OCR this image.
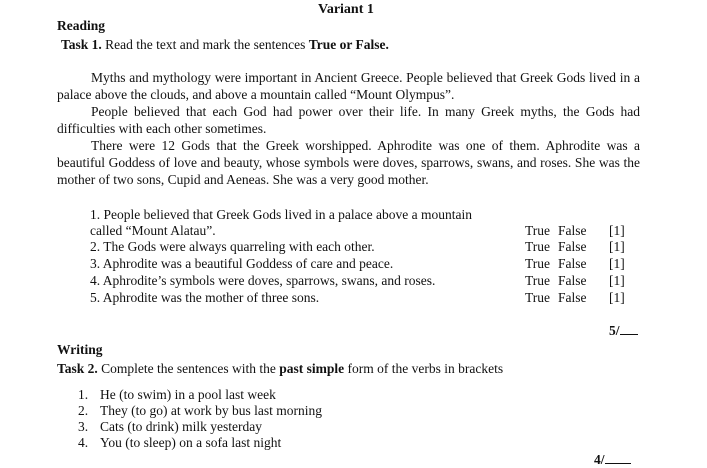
Variant 1
Reading
Task 1. Read the text and mark the sentences True or False.
Myths and mythology were important in Ancient Greece. People believed that Greek Gods lived in a palace above the clouds, and above a mountain called “Mount Olympus”.
People believed that each God had power over their life. In many Greek myths, the Gods had difficulties with each other sometimes.
There were 12 Gods that the Greek worshipped. Aphrodite was one of them. Aphrodite was a beautiful Goddess of love and beauty, whose symbols were doves, sparrows, swans, and roses. She was the mother of two sons, Cupid and Aeneas. She was a very good mother.
1. People believed that Greek Gods lived in a palace above a mountain
called “Mount Alatau”.
2. The Gods were always quarreling with each other.
3. Aphrodite was a beautiful Goddess of care and peace.
4. Aphrodite’s symbols were doves, sparrows, swans, and roses.
5. Aphrodite was the mother of three sons.
True False [1]
True False [1]
True False [1]
True False [1]
True False [1]
5/
Writing
Task 2. Complete the sentences with the past simple form of the verbs in brackets
1. He (to swim) in a pool last week
2. They (to go) at work by bus last morning
3. Cats (to drink) milk yesterday
4. You (to sleep) on a sofa last night
4/
